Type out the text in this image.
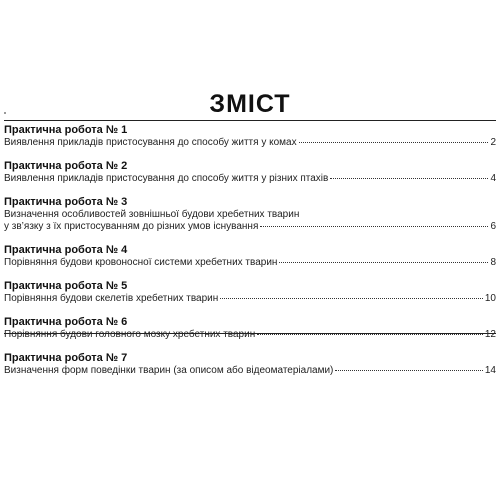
ЗМІСТ
Практична робота № 1
Виявлення прикладів пристосування до способу життя у комах	2
Практична робота № 2
Виявлення прикладів пристосування до способу життя у різних птахів	4
Практична робота № 3
Визначення особливостей зовнішньої будови хребетних тварин
у зв’язку з їх пристосуванням до різних умов існування	6
Практична робота № 4
Порівняння будови кровоносної системи хребетних тварин	8
Практична робота № 5
Порівняння будови скелетів хребетних тварин	10
Практична робота № 6
Порівняння будови головного мозку хребетних тварин	12
Практична робота № 7
Визначення форм поведінки тварин (за описом або відеоматеріалами)	14
